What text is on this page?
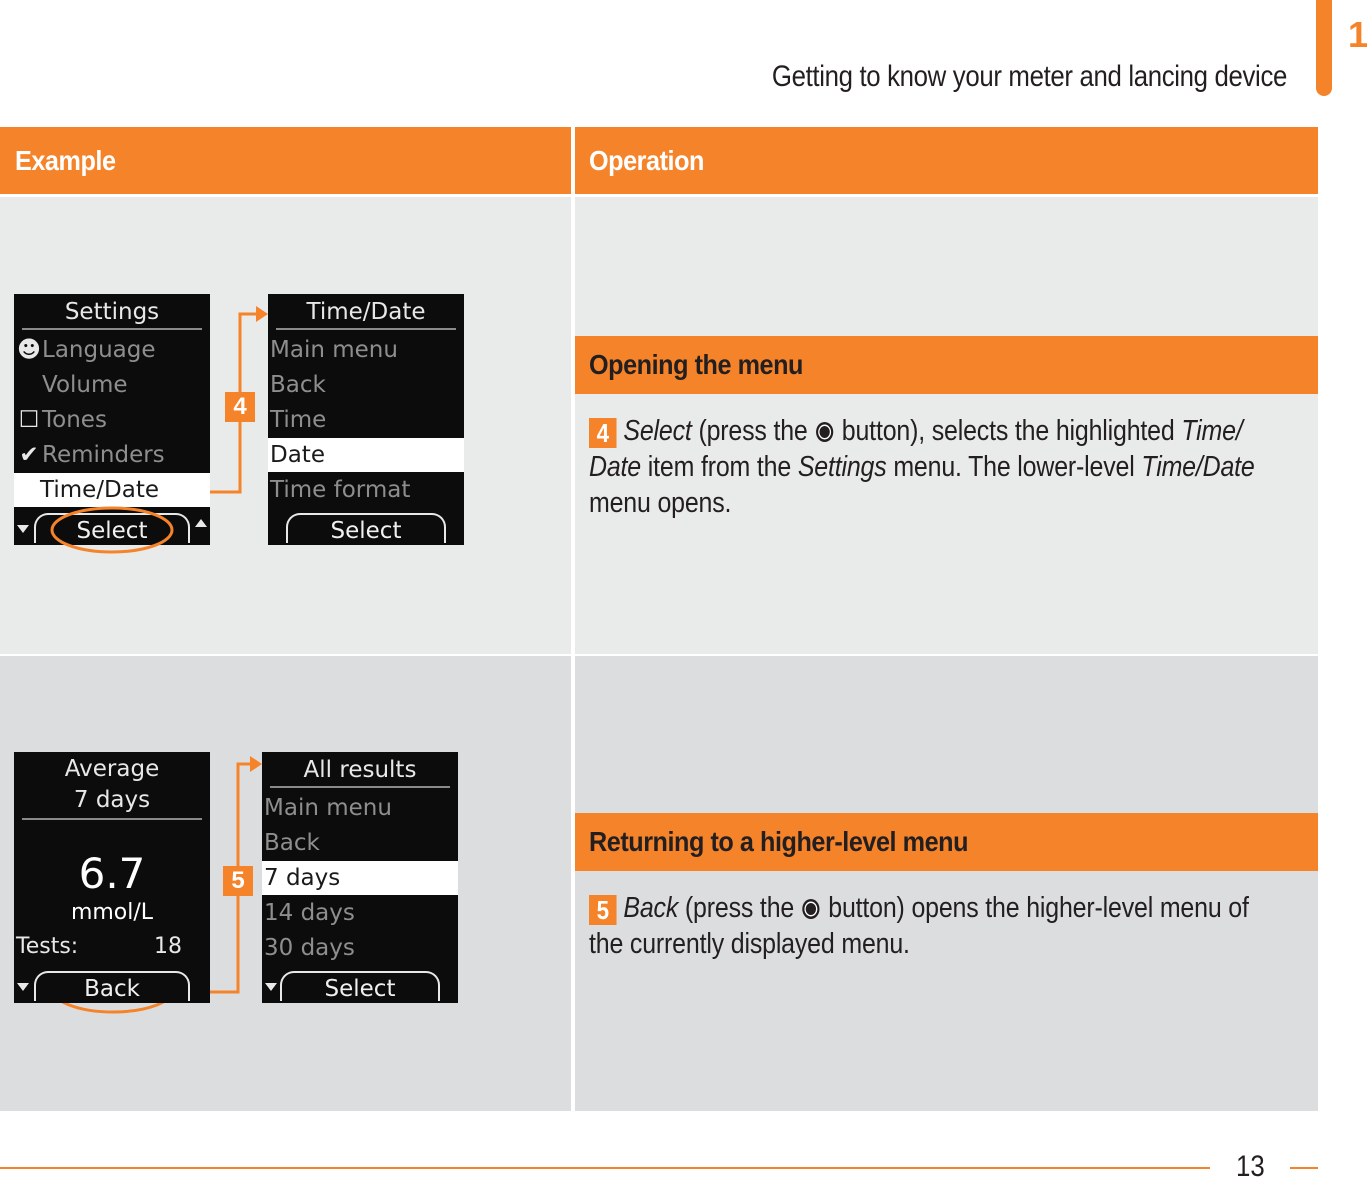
Getting to know your meter and lancing device
1
Example	Operation
Settings
☻Language
Volume
☐ Tones
✔ Reminders
Time/Date
Select
Time/Date
Main menu
Back
Time
Date
Time format
Select
4
Opening the menu
4 Select (press the  button), selects the highlighted Time/ Date item from the Settings menu. The lower-level Time/Date menu opens.
Average
7 days
6.7
mmol/L
Tests:	18
Back
All results
Main menu
Back
7 days
14 days
30 days
Select
5
Returning to a higher-level menu
5 Back (press the  button) opens the higher-level menu of the currently displayed menu.
13
